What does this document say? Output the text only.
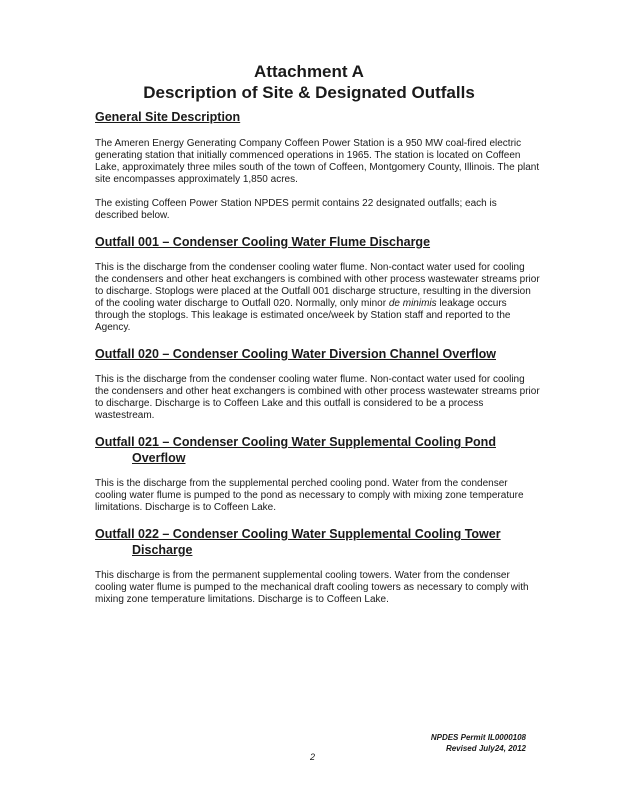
Attachment A
Description of Site & Designated Outfalls
General Site Description

The Ameren Energy Generating Company Coffeen Power Station is a 950 MW coal-fired electric generating station that initially commenced operations in 1965. The station is located on Coffeen Lake, approximately three miles south of the town of Coffeen, Montgomery County, Illinois. The plant site encompasses approximately 1,850 acres.

The existing Coffeen Power Station NPDES permit contains 22 designated outfalls; each is described below.

Outfall 001 – Condenser Cooling Water Flume Discharge

This is the discharge from the condenser cooling water flume. Non-contact water used for cooling the condensers and other heat exchangers is combined with other process wastewater streams prior to discharge. Stoplogs were placed at the Outfall 001 discharge structure, resulting in the diversion of the cooling water discharge to Outfall 020. Normally, only minor de minimis leakage occurs through the stoplogs. This leakage is estimated once/week by Station staff and reported to the Agency.

Outfall 020 – Condenser Cooling Water Diversion Channel Overflow

This is the discharge from the condenser cooling water flume. Non-contact water used for cooling the condensers and other heat exchangers is combined with other process wastewater streams prior to discharge. Discharge is to Coffeen Lake and this outfall is considered to be a process wastestream.

Outfall 021 – Condenser Cooling Water Supplemental Cooling Pond
Overflow

This is the discharge from the supplemental perched cooling pond. Water from the condenser cooling water flume is pumped to the pond as necessary to comply with mixing zone temperature limitations. Discharge is to Coffeen Lake.

Outfall 022 – Condenser Cooling Water Supplemental Cooling Tower
Discharge

This discharge is from the permanent supplemental cooling towers. Water from the condenser cooling water flume is pumped to the mechanical draft cooling towers as necessary to comply with mixing zone temperature limitations. Discharge is to Coffeen Lake.

2
NPDES Permit IL0000108
Revised July24, 2012
